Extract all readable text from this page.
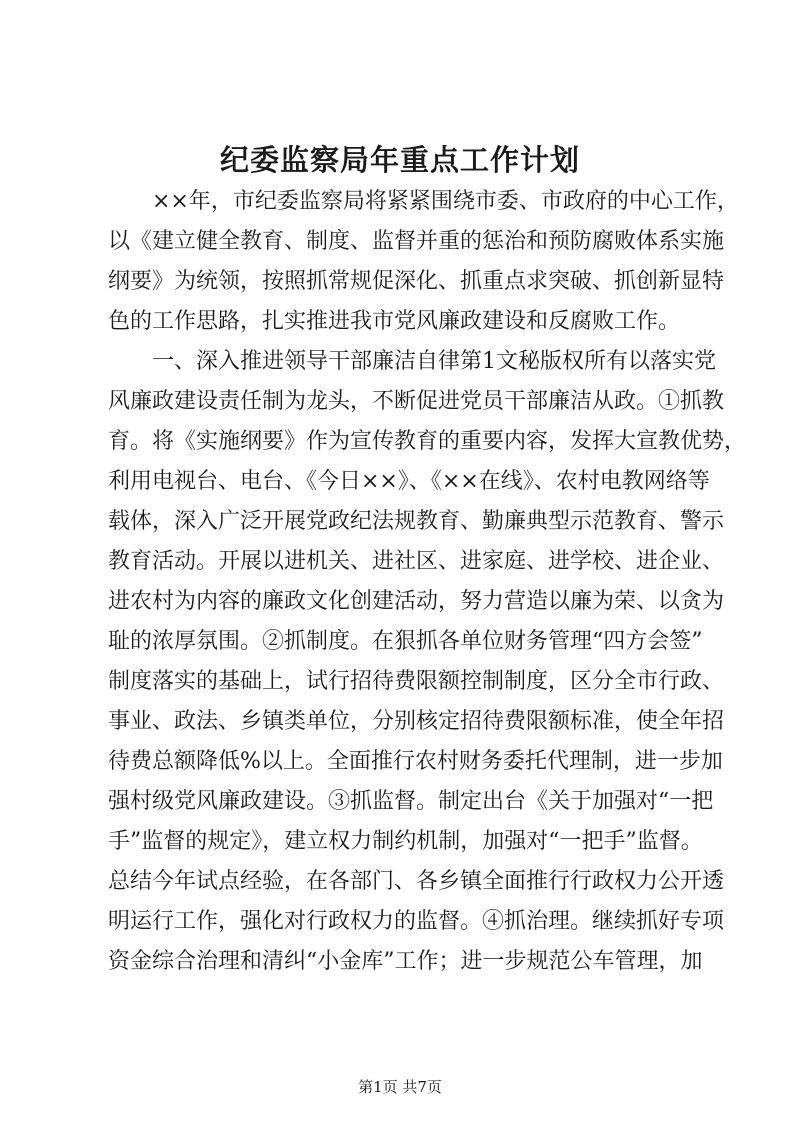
纪委监察局年重点工作计划
××年，市纪委监察局将紧紧围绕市委、市政府的中心工作，
以《建立健全教育、制度、监督并重的惩治和预防腐败体系实施
纲要》为统领，按照抓常规促深化、抓重点求突破、抓创新显特
色的工作思路，扎实推进我市党风廉政建设和反腐败工作。
一、深入推进领导干部廉洁自律第1文秘版权所有以落实党
风廉政建设责任制为龙头，不断促进党员干部廉洁从政。①抓教
育。将《实施纲要》作为宣传教育的重要内容，发挥大宣教优势，
利用电视台、电台、《今日××》、《××在线》、农村电教网络等
载体，深入广泛开展党政纪法规教育、勤廉典型示范教育、警示
教育活动。开展以进机关、进社区、进家庭、进学校、进企业、
进农村为内容的廉政文化创建活动，努力营造以廉为荣、以贪为
耻的浓厚氛围。②抓制度。在狠抓各单位财务管理“四方会签”
制度落实的基础上，试行招待费限额控制制度，区分全市行政、
事业、政法、乡镇类单位，分别核定招待费限额标准，使全年招
待费总额降低%以上。全面推行农村财务委托代理制，进一步加
强村级党风廉政建设。③抓监督。制定出台《关于加强对“一把
手”监督的规定》，建立权力制约机制，加强对“一把手”监督。
总结今年试点经验，在各部门、各乡镇全面推行行政权力公开透
明运行工作，强化对行政权力的监督。④抓治理。继续抓好专项
资金综合治理和清纠“小金库”工作；进一步规范公车管理，加
第1页 共7页
